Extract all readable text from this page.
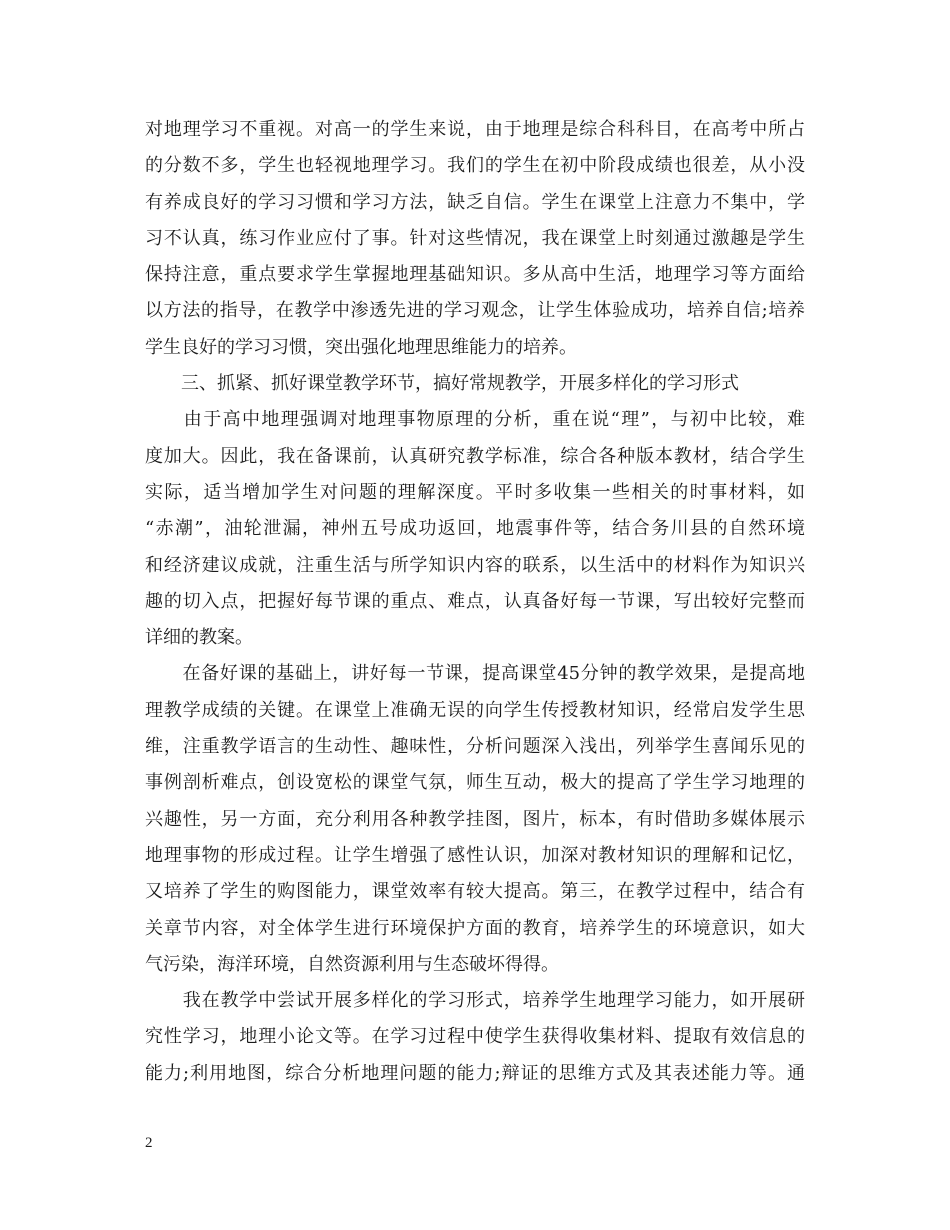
对地理学习不重视。对高一的学生来说，由于地理是综合科科目，在高考中所占
的分数不多，学生也轻视地理学习。我们的学生在初中阶段成绩也很差，从小没
有养成良好的学习习惯和学习方法，缺乏自信。学生在课堂上注意力不集中，学
习不认真，练习作业应付了事。针对这些情况，我在课堂上时刻通过激趣是学生
保持注意，重点要求学生掌握地理基础知识。多从高中生活，地理学习等方面给
以方法的指导，在教学中渗透先进的学习观念，让学生体验成功，培养自信;培养
学生良好的学习习惯，突出强化地理思维能力的培养。
　　三、抓紧、抓好课堂教学环节，搞好常规教学，开展多样化的学习形式
　　由于高中地理强调对地理事物原理的分析，重在说“理”，与初中比较，难
度加大。因此，我在备课前，认真研究教学标准，综合各种版本教材，结合学生
实际，适当增加学生对问题的理解深度。平时多收集一些相关的时事材料，如
“赤潮”，油轮泄漏，神州五号成功返回，地震事件等，结合务川县的自然环境
和经济建议成就，注重生活与所学知识内容的联系，以生活中的材料作为知识兴
趣的切入点，把握好每节课的重点、难点，认真备好每一节课，写出较好完整而
详细的教案。
　　在备好课的基础上，讲好每一节课，提高课堂45分钟的教学效果，是提高地
理教学成绩的关键。在课堂上准确无误的向学生传授教材知识，经常启发学生思
维，注重教学语言的生动性、趣味性，分析问题深入浅出，列举学生喜闻乐见的
事例剖析难点，创设宽松的课堂气氛，师生互动，极大的提高了学生学习地理的
兴趣性，另一方面，充分利用各种教学挂图，图片，标本，有时借助多媒体展示
地理事物的形成过程。让学生增强了感性认识，加深对教材知识的理解和记忆，
又培养了学生的购图能力，课堂效率有较大提高。第三，在教学过程中，结合有
关章节内容，对全体学生进行环境保护方面的教育，培养学生的环境意识，如大
气污染，海洋环境，自然资源利用与生态破坏得得。
　　我在教学中尝试开展多样化的学习形式，培养学生地理学习能力，如开展研
究性学习，地理小论文等。在学习过程中使学生获得收集材料、提取有效信息的
能力;利用地图，综合分析地理问题的能力;辩证的思维方式及其表述能力等。通
2
